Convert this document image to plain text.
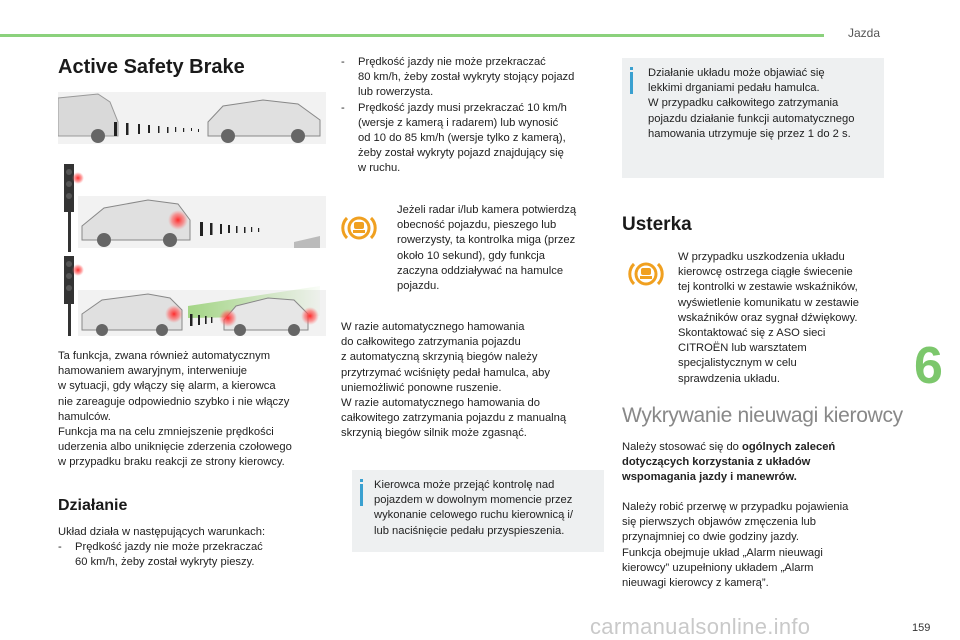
Jazda
6
Active Safety Brake
Ta funkcja, zwana również automatycznym
hamowaniem awaryjnym, interweniuje
w sytuacji, gdy włączy się alarm, a kierowca
nie zareaguje odpowiednio szybko i nie włączy
hamulców.
Funkcja ma na celu zmniejszenie prędkości
uderzenia albo uniknięcie zderzenia czołowego
w przypadku braku reakcji ze strony kierowcy.
Działanie
Układ działa w następujących warunkach:
- Prędkość jazdy nie może przekraczać
60 km/h, żeby został wykryty pieszy.
- Prędkość jazdy nie może przekraczać
80 km/h, żeby został wykryty stojący pojazd
lub rowerzysta.
- Prędkość jazdy musi przekraczać 10 km/h
(wersje z kamerą i radarem) lub wynosić
od 10 do 85 km/h (wersje tylko z kamerą),
żeby został wykryty pojazd znajdujący się
w ruchu.
Jeżeli radar i/lub kamera potwierdzą
obecność pojazdu, pieszego lub
rowerzysty, ta kontrolka miga (przez
około 10 sekund), gdy funkcja
zaczyna oddziaływać na hamulce
pojazdu.
W razie automatycznego hamowania
do całkowitego zatrzymania pojazdu
z automatyczną skrzynią biegów należy
przytrzymać wciśnięty pedał hamulca, aby
uniemożliwić ponowne ruszenie.
W razie automatycznego hamowania do
całkowitego zatrzymania pojazdu z manualną
skrzynią biegów silnik może zgasnąć.
Kierowca może przejąć kontrolę nad
pojazdem w dowolnym momencie przez
wykonanie celowego ruchu kierownicą i/
lub naciśnięcie pedału przyspieszenia.
Działanie układu może objawiać się
lekkimi drganiami pedału hamulca.
W przypadku całkowitego zatrzymania
pojazdu działanie funkcji automatycznego
hamowania utrzymuje się przez 1 do 2 s.
Usterka
W przypadku uszkodzenia układu
kierowcę ostrzega ciągłe świecenie
tej kontrolki w zestawie wskaźników,
wyświetlenie komunikatu w zestawie
wskaźników oraz sygnał dźwiękowy.
Skontaktować się z ASO sieci
CITROËN lub warsztatem
specjalistycznym w celu
sprawdzenia układu.
Wykrywanie nieuwagi kierowcy
Należy stosować się do ogólnych zaleceń
dotyczących korzystania z układów
wspomagania jazdy i manewrów.
Należy robić przerwę w przypadku pojawienia
się pierwszych objawów zmęczenia lub
przynajmniej co dwie godziny jazdy.
Funkcja obejmuje układ „Alarm nieuwagi
kierowcy” uzupełniony układem „Alarm
nieuwagi kierowcy z kamerą”.
carmanualsonline.info	159
